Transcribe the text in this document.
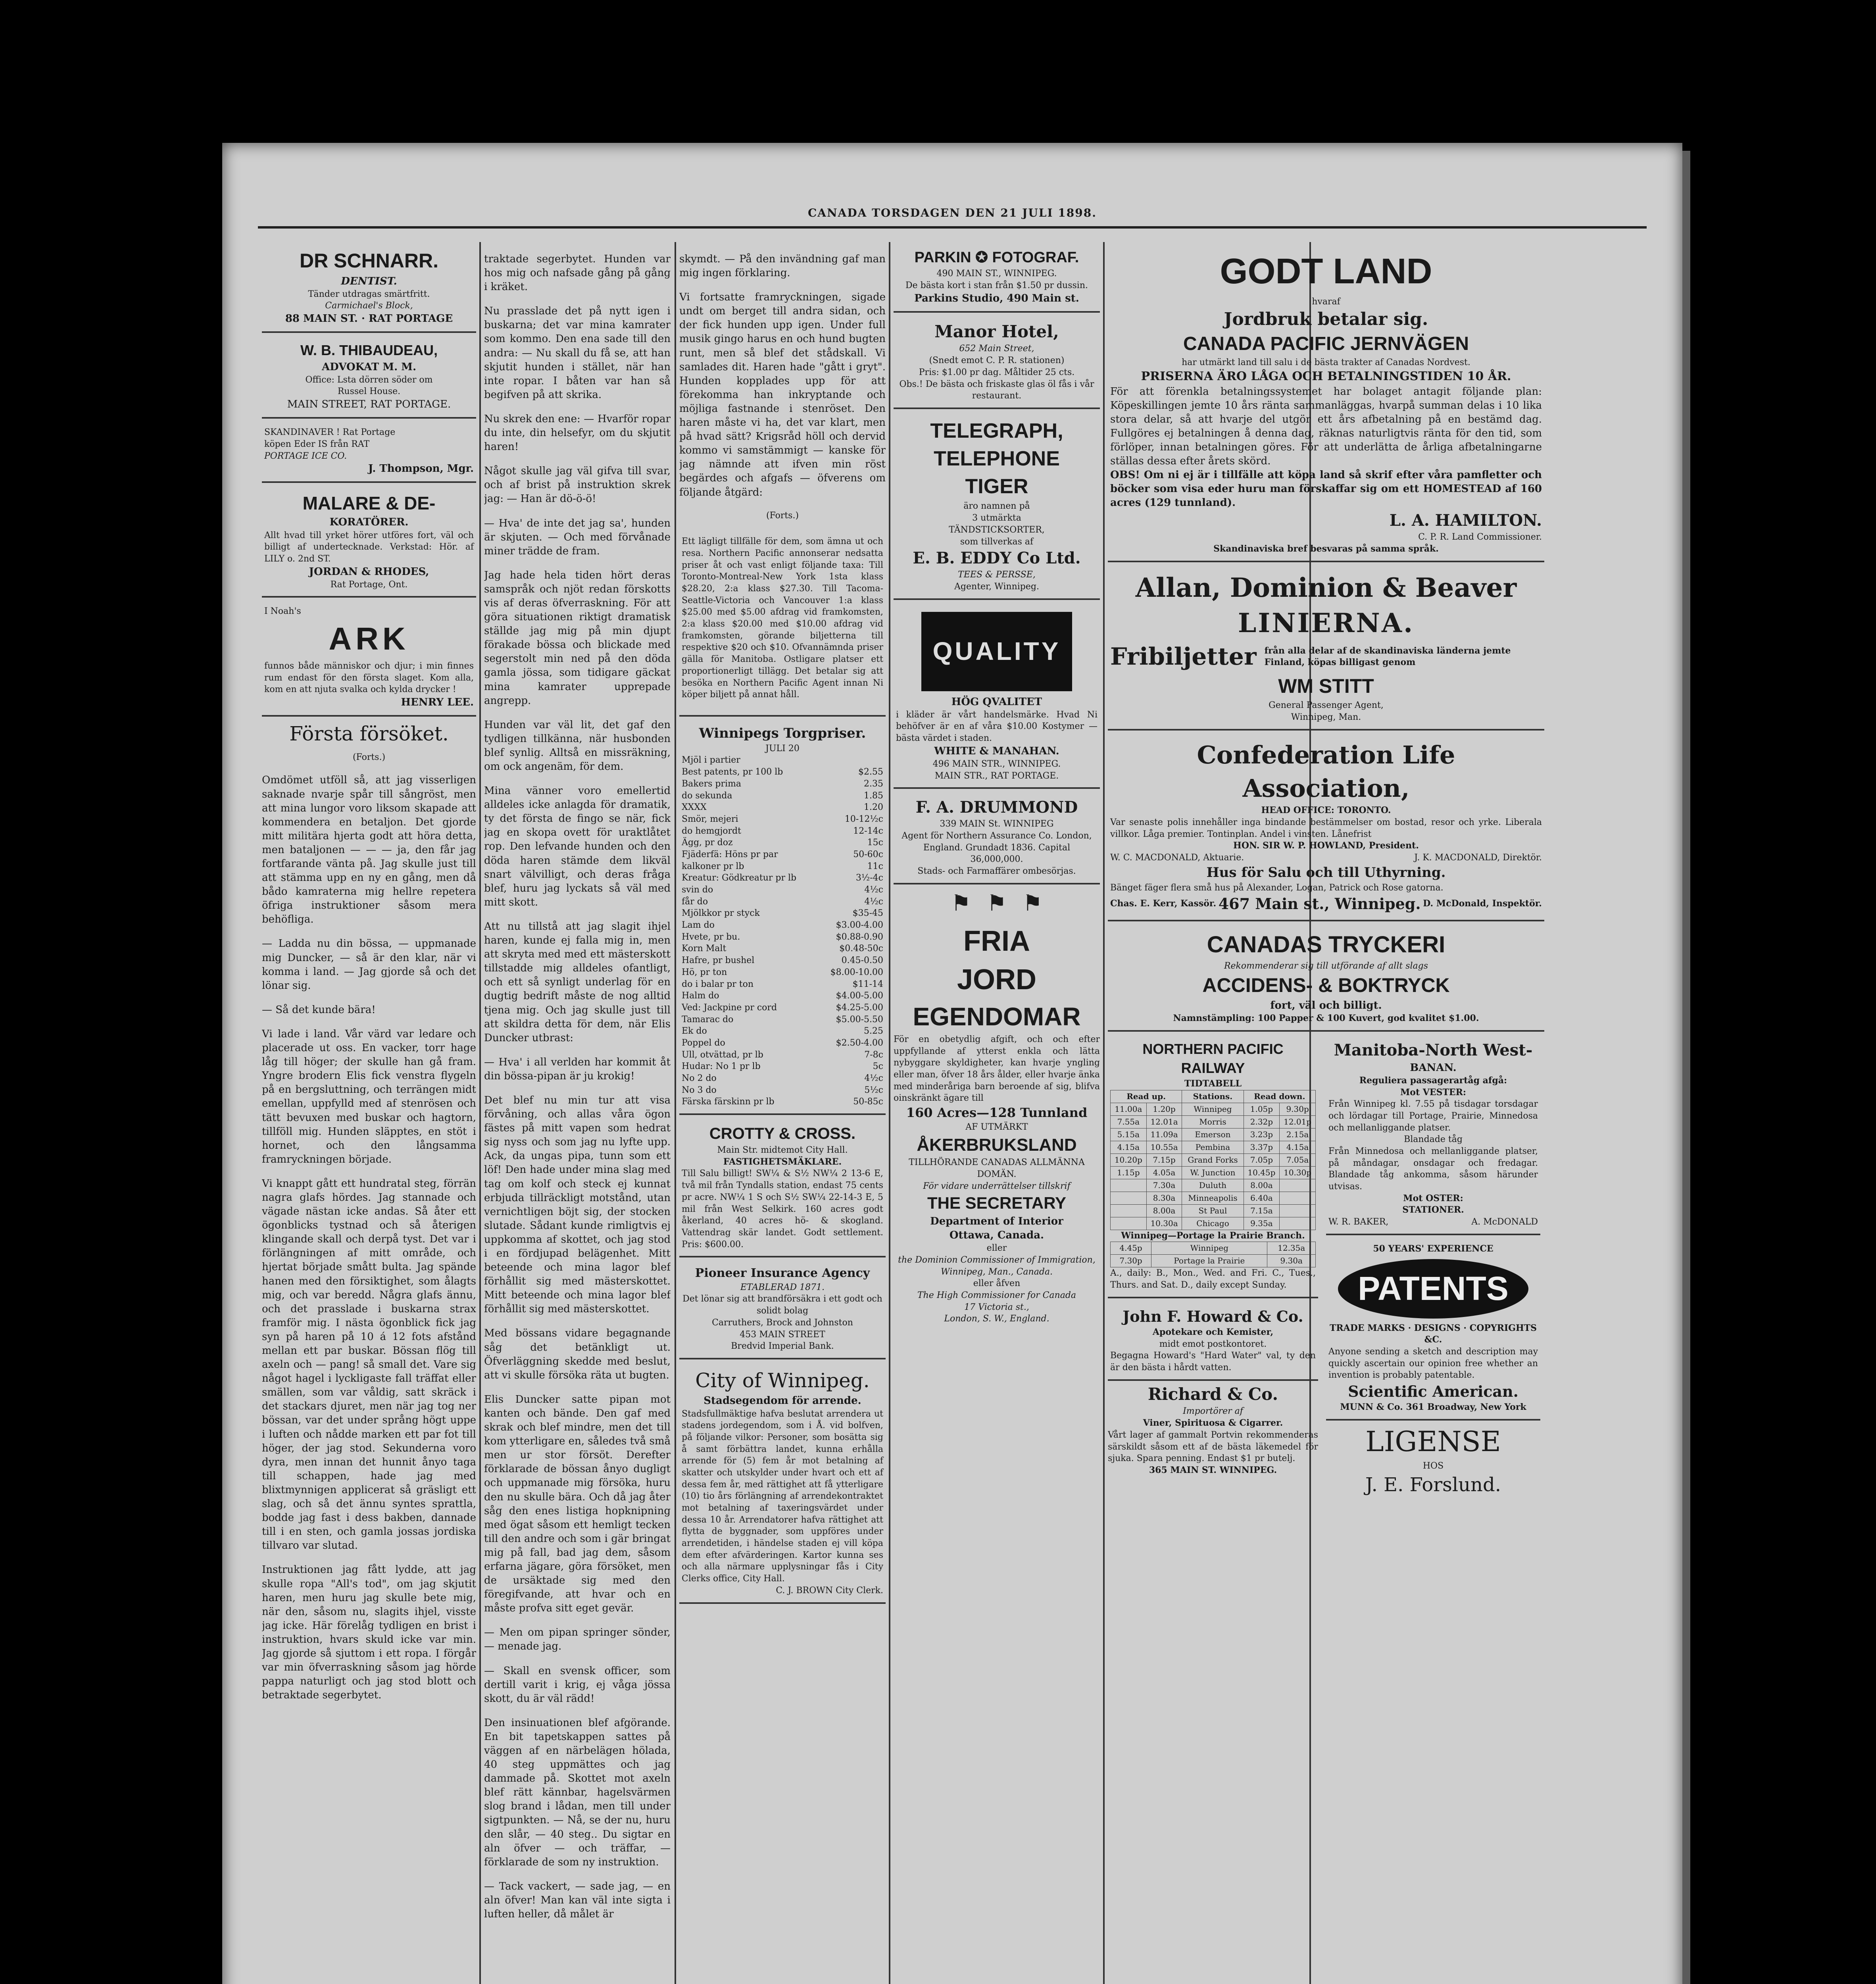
CANADA TORSDAGEN DEN 21 JULI 1898.
DR SCHNARR.
DENTIST.
Tänder utdragas smärtfritt.
Carmichael's Block,
88 MAIN ST. · RAT PORTAGE
W. B. THIBAUDEAU,
ADVOKAT M. M.
Office: Lsta dörren söder om
Russel House.
MAIN STREET, RAT PORTAGE.
SKANDINAVER ! Rat Portage
köpen Eder IS från RAT
PORTAGE ICE CO.
J. Thompson, Mgr.
MALARE & DE-
KORATÖRER.
Allt hvad till yrket hörer utföres fort, väl och billigt af undertecknade. Verkstad: Hör. af LILY o. 2nd ST.
JORDAN & RHODES,
Rat Portage, Ont.
I Noah's
ARK
funnos både människor och djur; i min finnes rum endast för den första slaget. Kom alla, kom en att njuta svalka och kylda drycker !
HENRY LEE.
Första försöket.
(Forts.)

Omdömet utföll så, att jag visserligen saknade nvarje spår till sångröst, men att mina lungor voro liksom skapade att kommendera en betaljon. Det gjorde mitt militära hjerta godt att höra detta, men bataljonen — — — ja, den får jag fortfarande vänta på. Jag skulle just till att stämma upp en ny en gång, men då bådo kamraterna mig hellre repetera öfriga instruktioner såsom mera behöfliga.

— Ladda nu din bössa, — uppmanade mig Duncker, — så är den klar, när vi komma i land. — Jag gjorde så och det lönar sig.

— Så det kunde bära!

Vi lade i land. Vår värd var ledare och placerade ut oss. En vacker, torr hage låg till höger; der skulle han gå fram. Yngre brodern Elis fick venstra flygeln på en bergsluttning, och terrängen midt emellan, uppfylld med af stenrösen och tätt bevuxen med buskar och hagtorn, tillföll mig. Hunden släpptes, en stöt i hornet, och den långsamma framryckningen började.

Vi knappt gått ett hundratal steg, förrän nagra glafs hördes. Jag stannade och vägade nästan icke andas. Så åter ett ögonblicks tystnad och så återigen klingande skall och derpå tyst. Det var i förlängningen af mitt område, och hjertat började smått bulta. Jag spände hanen med den försiktighet, som ålagts mig, och var beredd. Några glafs ännu, och det prasslade i buskarna strax framför mig. I nästa ögonblick fick jag syn på haren på 10 á 12 fots afstånd mellan ett par buskar. Bössan flög till axeln och — pang! så small det. Vare sig något hagel i lyckligaste fall träffat eller smällen, som var våldig, satt skräck i det stackars djuret, men när jag tog ner bössan, var det under språng högt uppe i luften och nådde marken ett par fot till höger, der jag stod. Sekunderna voro dyra, men innan det hunnit ånyo taga till schappen, hade jag med blixtmynnigen applicerat så gräsligt ett slag, och så det ännu syntes sprattla, bodde jag fast i dess bakben, dannade till i en sten, och gamla jossas jordiska tillvaro var slutad.

Instruktionen jag fått lydde, att jag skulle ropa "All's tod", om jag skjutit haren, men huru jag skulle bete mig, när den, såsom nu, slagits ihjel, visste jag icke. Här förelåg tydligen en brist i instruktion, hvars skuld icke var min. Jag gjorde så sjuttom i ett ropa. I förgår var min öfverraskning såsom jag hörde pappa naturligt och jag stod blott och betraktade segerbytet.

traktade segerbytet. Hunden var hos mig och nafsade gång på gång i kräket.

Nu prasslade det på nytt igen i buskarna; det var mina kamrater som kommo. Den ena sade till den andra: — Nu skall du få se, att han skjutit hunden i stället, när han inte ropar. I båten var han så begifven på att skrika.

Nu skrek den ene: — Hvarför ropar du inte, din helsefyr, om du skjutit haren!

Något skulle jag väl gifva till svar, och af brist på instruktion skrek jag: — Han är dö-ö-ö!

— Hva' de inte det jag sa', hunden är skjuten. — Och med förvånade miner trädde de fram.

Jag hade hela tiden hört deras samspråk och njöt redan förskotts vis af deras öfverraskning. För att göra situationen riktigt dramatisk ställde jag mig på min djupt förakade bössa och blickade med segerstolt min ned på den döda gamla jössa, som tidigare gäckat mina kamrater upprepade angrepp.

Hunden var väl lit, det gaf den tydligen tillkänna, när husbonden blef synlig. Alltså en missräkning, om ock angenäm, för dem.

Mina vänner voro emellertid alldeles icke anlagda för dramatik, ty det första de fingo se när, fick jag en skopa ovett för uraktlåtet rop. Den lefvande hunden och den döda haren stämde dem likväl snart välvilligt, och deras fråga blef, huru jag lyckats så väl med mitt skott.

Att nu tillstå att jag slagit ihjel haren, kunde ej falla mig in, men att skryta med med ett mästerskott tillstadde mig alldeles ofantligt, och ett så synligt underlag för en dugtig bedrift måste de nog alltid tjena mig. Och jag skulle just till att skildra detta för dem, när Elis Duncker utbrast:

— Hva' i all verlden har kommit åt din bössa-pipan är ju krokig!

Det blef nu min tur att visa förvåning, och allas våra ögon fästes på mitt vapen som hedrat sig nyss och som jag nu lyfte upp. Ack, da ungas pipa, tunn som ett löf! Den hade under mina slag med tag om kolf och steck ej kunnat erbjuda tillräckligt motstånd, utan vernichtligen böjt sig, der stocken slutade. Sådant kunde rimligtvis ej uppkomma af skottet, och jag stod i en fördjupad belägenhet. Mitt beteende och mina lagor blef förhållit sig med mästerskottet. Mitt beteende och mina lagor blef förhållit sig med mästerskottet.

Med bössans vidare begagnande såg det betänkligt ut. Öfverläggning skedde med beslut, att vi skulle försöka räta ut bugten.

Elis Duncker satte pipan mot kanten och bände. Den gaf med skrak och blef mindre, men det till kom ytterligare en, således två små men ur stor försöt. Derefter förklarade de bössan ånyo dugligt och uppmanade mig försöka, huru den nu skulle bära. Och då jag åter såg den enes listiga hopknipning med ögat såsom ett hemligt tecken till den andre och som i gär bringat mig på fall, bad jag dem, såsom erfarna jägare, göra försöket, men de ursäktade sig med den föregifvande, att hvar och en måste profva sitt eget gevär.

— Men om pipan springer sönder, — menade jag.

— Skall en svensk officer, som dertill varit i krig, ej våga jössa skott, du är väl rädd!

Den insinuationen blef afgörande. En bit tapetskappen sattes på väggen af en närbelägen hölada, 40 steg uppmättes och jag dammade på. Skottet mot axeln blef rätt kännbar, hagelsvärmen slog brand i lådan, men till under sigtpunkten. — Nå, se der nu, huru den slår, — 40 steg.. Du sigtar en aln öfver — och träffar, — förklarade de som ny instruktion.

— Tack vackert, — sade jag, — en aln öfver! Man kan väl inte sigta i luften heller, då målet är

skymdt. — På den invändning gaf man mig ingen förklaring.

Vi fortsatte framryckningen, sigade undt om berget till andra sidan, och der fick hunden upp igen. Under full musik gingo harus en och hund bugten runt, men så blef det stådskall. Vi samlades dit. Haren hade "gått i gryt". Hunden kopplades upp för att förekomma han inkryptande och möjliga fastnande i stenröset. Den haren måste vi ha, det var klart, men på hvad sätt? Krigsråd höll och dervid kommo vi samstämmigt — kanske för jag nämnde att ifven min röst begärdes och afgafs — öfverens om följande åtgärd:

(Forts.)

Ett lägligt tillfälle för dem, som ämna ut och resa. Northern Pacific annonserar nedsatta priser åt och vast enligt följande taxa: Till Toronto-Montreal-New York 1sta klass $28.20, 2:a klass $27.30. Till Tacoma-Seattle-Victoria och Vancouver 1:a klass $25.00 med $5.00 afdrag vid framkomsten, 2:a klass $20.00 med $10.00 afdrag vid framkomsten, görande biljetterna till respektive $20 och $10. Ofvannämnda priser gälla för Manitoba. Ostligare platser ett proportionerligt tillägg. Det betalar sig att besöka en Northern Pacific Agent innan Ni köper biljett på annat håll.

Winnipegs Torgpriser.
JULI 20
Mjöl i partier
Best patents, pr 100 lb	$2.55
Bakers prima	2.35
do sekunda	1.85
XXXX	1.20
Smör, mejeri	10-12½c
do hemgjordt	12-14c
Ägg, pr doz	15c
Fjäderfä: Höns pr par	50-60c
kalkoner pr lb	11c
Kreatur: Gödkreatur pr lb	3½-4c
svin do	4½c
får do	4½c
Mjölkkor pr styck	$35-45
Lam do	$3.00-4.00
Hvete, pr bu.	$0.88-0.90
Korn Malt	$0.48-50c
Hafre, pr bushel	0.45-0.50
Hö, pr ton	$8.00-10.00
do i balar pr ton	$11-14
Halm do	$4.00-5.00
Ved: Jackpine pr cord	$4.25-5.00
Tamarac do	$5.00-5.50
Ek do	5.25
Poppel do	$2.50-4.00
Ull, otvättad, pr lb	7-8c
Hudar: No 1 pr lb	5c
No 2 do	4½c
No 3 do	5½c
Färska färskinn pr lb	50-85c
CROTTY & CROSS.
Main Str. midtemot City Hall.
FASTIGHETSMÄKLARE.
Till Salu billigt! SW¼ & S½ NW¼ 2 13-6 E, två mil från Tyndalls station, endast 75 cents pr acre. NW¼ 1 S och S½ SW¼ 22-14-3 E, 5 mil från West Selkirk. 160 acres godt åkerland, 40 acres hö- & skogland. Vattendrag skär landet. Godt settlement. Pris: $600.00.
Pioneer Insurance Agency
ETABLERAD 1871.
Det lönar sig att brandförsäkra i ett godt och solidt bolag
Carruthers, Brock and Johnston
453 MAIN STREET
Bredvid Imperial Bank.
City of Winnipeg.
Stadsegendom för arrende.
Stadsfullmäktige hafva beslutat arrendera ut stadens jordegendom, som i Å. vid bolfven, på följande vilkor: Personer, som bosätta sig å samt förbättra landet, kunna erhålla arrende för (5) fem år mot betalning af skatter och utskylder under hvart och ett af dessa fem år, med rättighet att få ytterligare (10) tio års förlängning af arrendekontraktet mot betalning af taxeringsvärdet under dessa 10 år. Arrendatorer hafva rättighet att flytta de byggnader, som uppföres under arrendetiden, i händelse staden ej vill köpa dem efter afvärderingen. Kartor kunna ses och alla närmare upplysningar fås i City Clerks office, City Hall.
C. J. BROWN City Clerk.
PARKIN ✪ FOTOGRAF.
490 MAIN ST., WINNIPEG.
De bästa kort i stan från $1.50 pr dussin.
Parkins Studio, 490 Main st.
Manor Hotel,
652 Main Street,
(Snedt emot C. P. R. stationen)
Pris: $1.00 pr dag. Måltider 25 cts.
Obs.! De bästa och friskaste glas öl fås i vår restaurant.
TELEGRAPH,
TELEPHONE
TIGER
äro namnen på
3 utmärkta
TÄNDSTICKSORTER,
som tillverkas af
E. B. EDDY Co Ltd.
TEES & PERSSE,
Agenter, Winnipeg.
QUALITY
HÖG QVALITET
i kläder är vårt handelsmärke. Hvad Ni behöfver är en af våra $10.00 Kostymer — bästa värdet i staden.
WHITE & MANAHAN.
496 MAIN STR., WINNIPEG.
MAIN STR., RAT PORTAGE.
F. A. DRUMMOND
339 MAIN St. WINNIPEG
Agent för Northern Assurance Co. London, England. Grundadt 1836. Capital 36,000,000.
Stads- och Farmaffärer ombesörjas.
⚑ ⚑ ⚑
FRIA
JORD
EGENDOMAR
För en obetydlig afgift, och och efter uppfyllande af ytterst enkla och lätta nybyggare skyldigheter, kan hvarje yngling eller man, öfver 18 års ålder, eller hvarje änka med minderåriga barn beroende af sig, blifva oinskränkt ägare till
160 Acres—128 Tunnland
AF UTMÄRKT
ÅKERBRUKSLAND
TILLHÖRANDE CANADAS ALLMÄNNA DOMÄN.
För vidare underrättelser tillskrif
THE SECRETARY
Department of Interior
Ottawa, Canada.
eller
the Dominion Commissioner of Immigration,
Winnipeg, Man., Canada.
eller åfven
The High Commissioner for Canada
17 Victoria st.,
London, S. W., England.
GODT LAND
hvaraf
Jordbruk betalar sig.
CANADA PACIFIC JERNVÄGEN
har utmärkt land till salu i de bästa trakter af Canadas Nordvest.
PRISERNA ÄRO LÅGA OCH BETALNINGSTIDEN 10 ÅR.
För att förenkla betalningssystemet har bolaget antagit följande plan: Köpeskillingen jemte 10 års ränta sammanläggas, hvarpå summan delas i 10 lika stora delar, så att hvarje del utgör ett års afbetalning på en bestämd dag. Fullgöres ej betalningen å denna dag, räknas naturligtvis ränta för den tid, som förlöper, innan betalningen göres. För att underlätta de årliga afbetalningarne ställas dessa efter årets skörd.
OBS! Om ni ej är i tillfälle att köpa land så skrif efter våra pamfletter och böcker som visa eder huru man förskaffar sig om ett HOMESTEAD af 160 acres (129 tunnland).
L. A. HAMILTON.
C. P. R. Land Commissioner.
Skandinaviska bref besvaras på samma språk.
Allan, Dominion & Beaver
LINIERNA.
Fribiljetter från alla delar af de skandinaviska länderna jemte Finland, köpas billigast genom
WM STITT
General Passenger Agent,
Winnipeg, Man.
Confederation Life Association,
HEAD OFFICE: TORONTO.
Var senaste polis innehåller inga bindande bestämmelser om bostad, resor och yrke. Liberala villkor. Låga premier. Tontinplan. Andel i vinsten. Lånefrist
HON. SIR W. P. HOWLAND, President.
W. C. MACDONALD, Aktuarie.	J. K. MACDONALD, Direktör.
Hus för Salu och till Uthyrning.
Bänget fäger flera små hus på Alexander, Logan, Patrick och Rose gatorna.
Chas. E. Kerr, Kassör. 467 Main st., Winnipeg. D. McDonald, Inspektör.
CANADAS TRYCKERI
Rekommenderar sig till utförande af allt slags
ACCIDENS- & BOKTRYCK
fort, väl och billigt.
Namnstämpling: 100 Papper & 100 Kuvert, god kvalitet $1.00.
NORTHERN PACIFIC RAILWAY
TIDTABELL
Read up.		Stations.	Read down.	
11.00a	1.20p	Winnipeg	1.05p	9.30p
7.55a	12.01a	Morris	2.32p	12.01p
5.15a	11.09a	Emerson	3.23p	2.15a
4.15a	10.55a	Pembina	3.37p	4.15a
10.20p	7.15p	Grand Forks	7.05p	7.05a
1.15p	4.05a	W. Junction	10.45p	10.30p
	7.30a	Duluth	8.00a	
	8.30a	Minneapolis	6.40a	
	8.00a	St Paul	7.15a	
	10.30a	Chicago	9.35a	
Winnipeg—Portage la Prairie Branch.
4.45p	Winnipeg	12.35a
7.30p	Portage la Prairie	9.30a
A., daily: B., Mon., Wed. and Fri. C., Tues., Thurs. and Sat. D., daily except Sunday.
John F. Howard & Co.
Apotekare och Kemister,
midt emot postkontoret.
Begagna Howard's "Hard Water" val, ty den är den bästa i hårdt vatten.
Richard & Co.
Importörer af
Viner, Spirituosa & Cigarrer.
Vårt lager af gammalt Portvin rekommenderas särskildt såsom ett af de bästa läkemedel för sjuka. Spara penning. Endast $1 pr butelj.
365 MAIN ST. WINNIPEG.
Manitoba-North West-
BANAN.
Reguliera passagerartåg afgå:
Mot VESTER:
Från Winnipeg kl. 7.55 på tisdagar torsdagar och lördagar till Portage, Prairie, Minnedosa och mellanliggande platser.
Blandade tåg
Från Minnedosa och mellanliggande platser, på måndagar, onsdagar och fredagar. Blandade tåg ankomma, såsom härunder utvisas.
Mot OSTER:
STATIONER.
W. R. BAKER,	A. McDONALD
50 YEARS' EXPERIENCE
PATENTS
TRADE MARKS · DESIGNS · COPYRIGHTS &C.
Anyone sending a sketch and description may quickly ascertain our opinion free whether an invention is probably patentable.
Scientific American.
MUNN & Co. 361 Broadway, New York
LIGENSE
HOS
J. E. Forslund.
